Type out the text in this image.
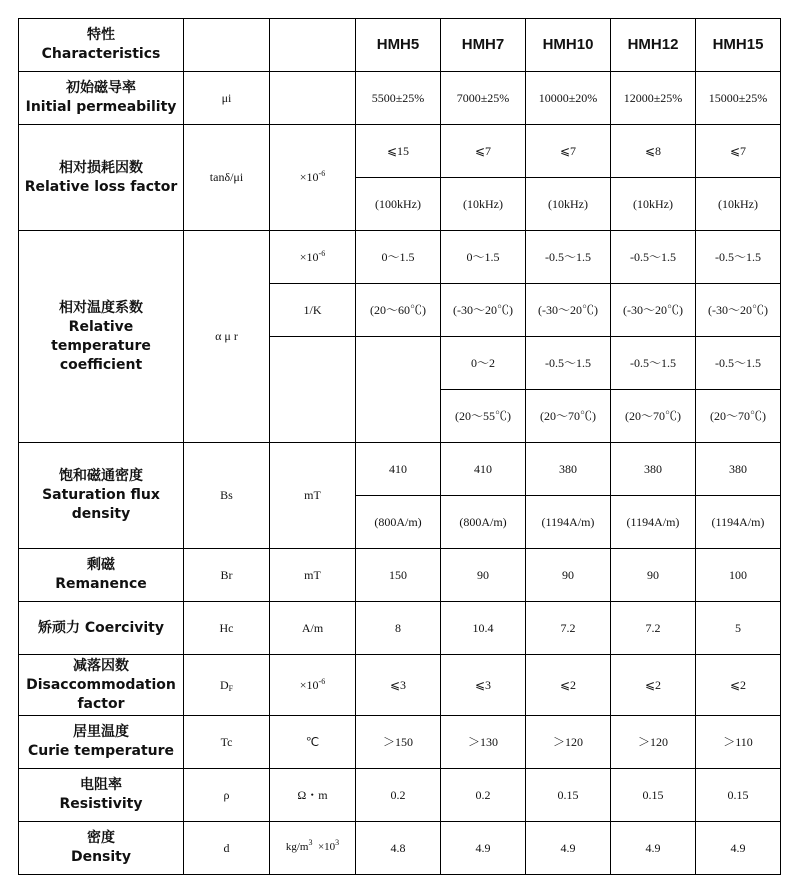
特性
Characteristics			HMH5	HMH7	HMH10	HMH12	HMH15

初始磁导率
Initial permeability	μi		5500±25%	7000±25%	10000±20%	12000±25%	15000±25%

相对损耗因数
Relative loss factor	tanδ/μi	$\times 10^{-6}$	⩽15	⩽7	⩽7	⩽8	⩽7
			(100kHz)	(10kHz)	(10kHz)	(10kHz)	(10kHz)

相对温度系数
Relative temperature
coefficient	α μ r	$\times 10^{-6}$	0～1.5	0～1.5	-0.5～1.5	-0.5～1.5	-0.5～1.5
		1/K	(20～60℃)	(-30～20℃)	(-30～20℃)	(-30～20℃)	(-30～20℃)
				0～2	-0.5～1.5	-0.5～1.5	-0.5～1.5
				(20～55℃)	(20～70℃)	(20～70℃)	(20～70℃)

饱和磁通密度
Saturation flux
density	Bs	mT	410	410	380	380	380
			(800A/m)	(800A/m)	(1194A/m)	(1194A/m)	(1194A/m)

剩磁
Remanence	Br	mT	150	90	90	90	100
矫顽力 Coercivity	Hc	A/m	8	10.4	7.2	7.2	5

减落因数
Disaccommodation
factor	$D_F$	$\times 10^{-6}$	⩽3	⩽3	⩽2	⩽2	⩽2

居里温度
Curie temperature	Tc	℃	＞150	＞130	＞120	＞120	＞110

电阻率
Resistivity	ρ	Ω・m	0.2	0.2	0.15	0.15	0.15

密度
Density	d	$kg/m^3 \times 10^3$	4.8	4.9	4.9	4.9	4.9
